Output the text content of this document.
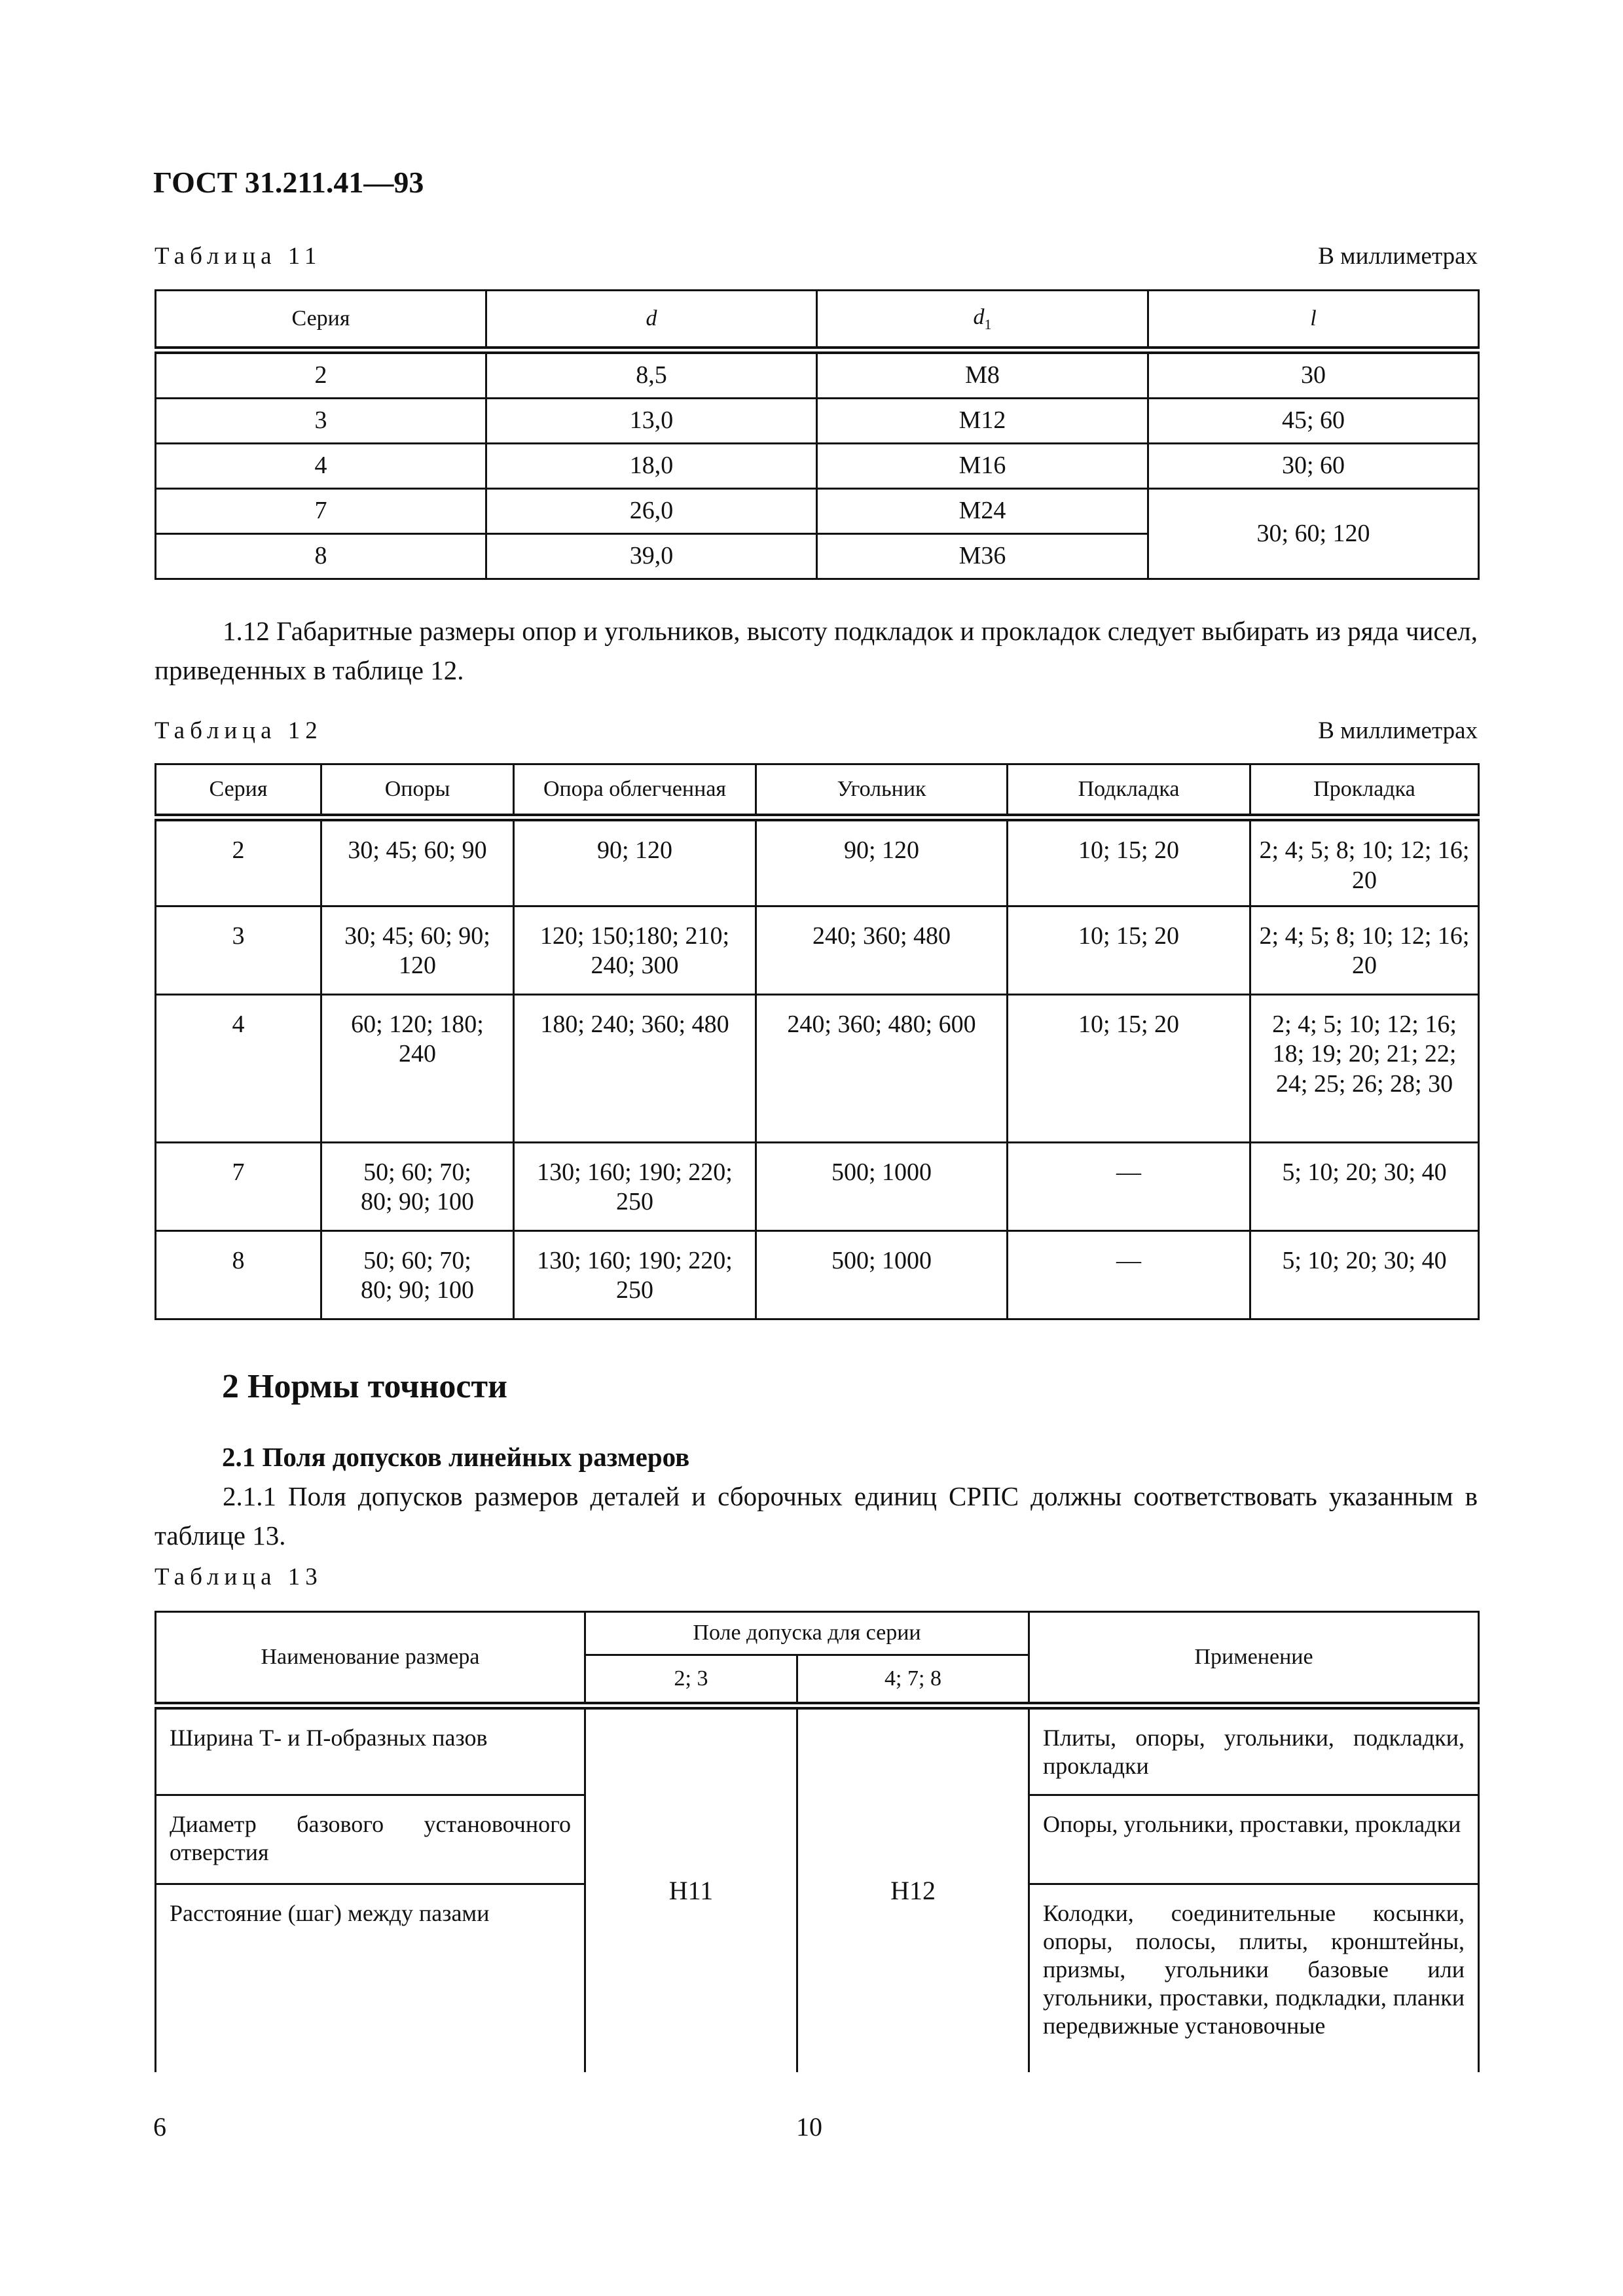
ГОСТ 31.211.41—93
Таблица 11	В миллиметрах
Серия	d	$d_1$	l
2	8,5	M8	30
3	13,0	M12	45; 60
4	18,0	M16	30; 60
7	26,0	M24	30; 60; 120
8	39,0	M36	
1.12 Габаритные размеры опор и угольников, высоту подкладок и прокладок следует выбирать из ряда чисел, приведенных в таблице 12.
Таблица 12	В миллиметрах
Серия	Опоры	Опора облегченная	Угольник	Подкладка	Прокладка
2	30; 45; 60; 90	90; 120	90; 120	10; 15; 20	2; 4; 5; 8; 10; 12; 16; 20
3	30; 45; 60; 90; 120	120; 150;180; 210; 240; 300	240; 360; 480	10; 15; 20	2; 4; 5; 8; 10; 12; 16; 20
4	60; 120; 180; 240	180; 240; 360; 480	240; 360; 480; 600	10; 15; 20	2; 4; 5; 10; 12; 16; 18; 19; 20; 21; 22; 24; 25; 26; 28; 30
7	50; 60; 70; 80; 90; 100	130; 160; 190; 220; 250	500; 1000	—	5; 10; 20; 30; 40
8	50; 60; 70; 80; 90; 100	130; 160; 190; 220; 250	500; 1000	—	5; 10; 20; 30; 40
2 Нормы точности
2.1 Поля допусков линейных размеров
2.1.1 Поля допусков размеров деталей и сборочных единиц СРПС должны соответствовать указанным в таблице 13.
Таблица 13
Наименование размера	Поле допуска для серии		Применение
	2; 3	4; 7; 8	
Ширина Т- и П-образных пазов	H11	H12	Плиты, опоры, угольники, подкладки, прокладки
Диаметр базового установочного отверстия			Опоры, угольники, проставки, прокладки
Расстояние (шаг) между пазами			Колодки, соединительные косынки, опоры, полосы, плиты, кронштейны, призмы, угольники базовые или угольники, проставки, подкладки, планки передвижные установочные
6	10
